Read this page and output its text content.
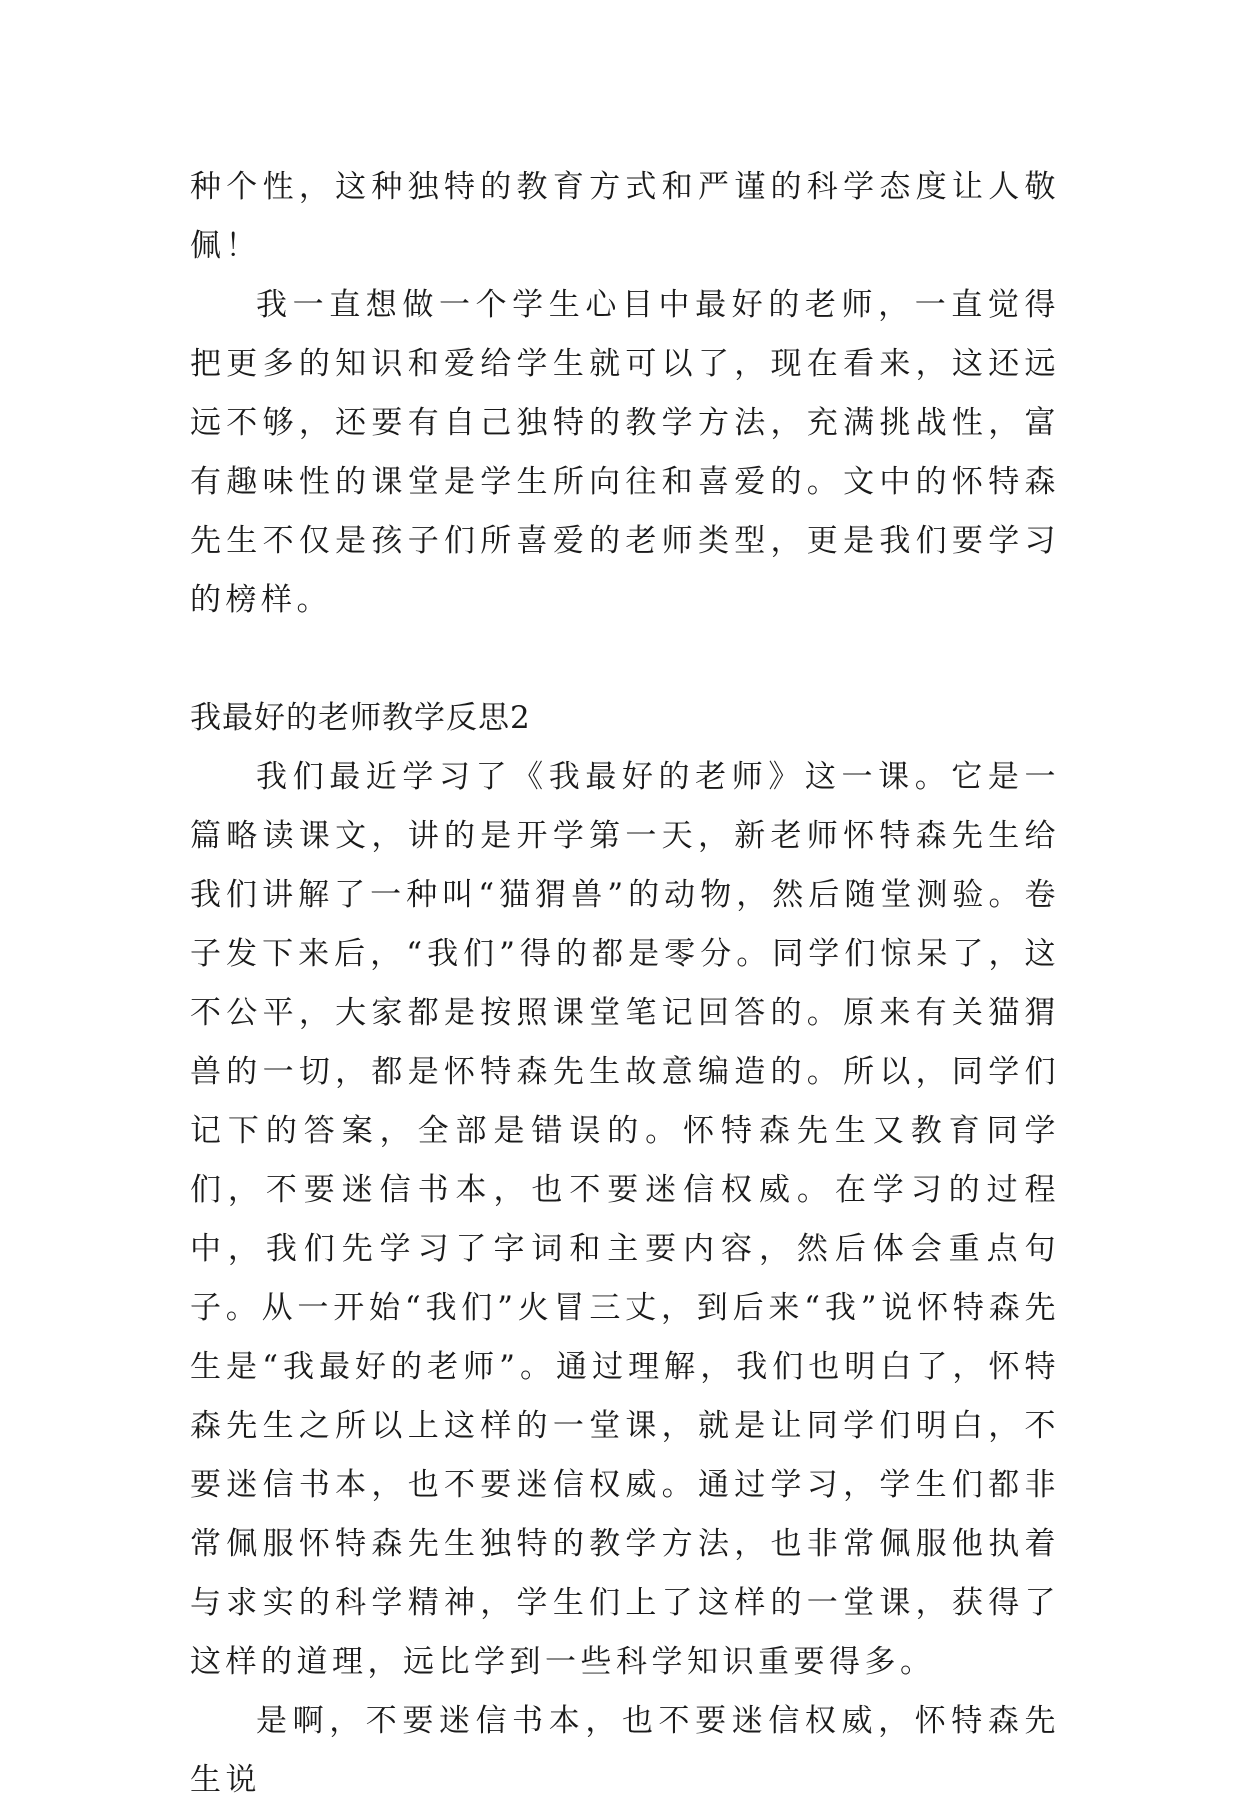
种个性，这种独特的教育方式和严谨的科学态度让人敬佩！

我一直想做一个学生心目中最好的老师，一直觉得把更多的知识和爱给学生就可以了，现在看来，这还远远不够，还要有自己独特的教学方法，充满挑战性，富有趣味性的课堂是学生所向往和喜爱的。文中的怀特森先生不仅是孩子们所喜爱的老师类型，更是我们要学习的榜样。

我最好的老师教学反思2

我们最近学习了《我最好的老师》这一课。它是一篇略读课文，讲的是开学第一天，新老师怀特森先生给我们讲解了一种叫“猫猬兽”的动物，然后随堂测验。卷子发下来后，“我们”得的都是零分。同学们惊呆了，这不公平，大家都是按照课堂笔记回答的。原来有关猫猬兽的一切，都是怀特森先生故意编造的。所以，同学们记下的答案，全部是错误的。怀特森先生又教育同学们，不要迷信书本，也不要迷信权威。在学习的过程中，我们先学习了字词和主要内容，然后体会重点句子。从一开始“我们”火冒三丈，到后来“我”说怀特森先生是“我最好的老师”。通过理解，我们也明白了，怀特森先生之所以上这样的一堂课，就是让同学们明白，不要迷信书本，也不要迷信权威。通过学习，学生们都非常佩服怀特森先生独特的教学方法，也非常佩服他执着与求实的科学精神，学生们上了这样的一堂课，获得了这样的道理，远比学到一些科学知识重要得多。

是啊，不要迷信书本，也不要迷信权威，怀特森先生说
